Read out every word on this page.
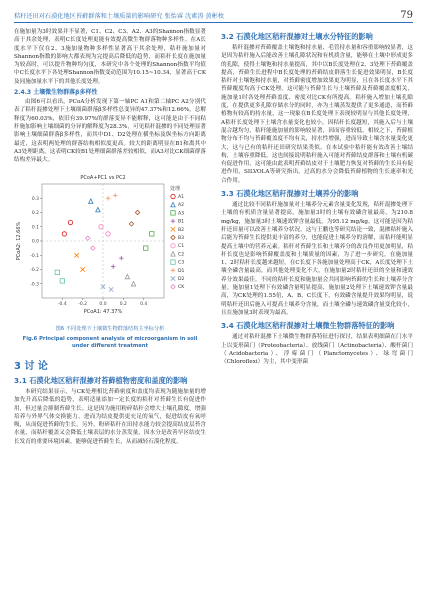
秸秆还田对石漠化地区苔藓群落和土壤质量的影响研究 张怡睿 沈素涛 黄彬枚	79

在施加量为3时效果并不显著，C1、C2、C3、A2、A3的Shannon指数显著高于其余处理，表明C长度处理更能有效提高微生物群落物种多样性。在A长度水平下仅在2、3施加量物种多样性显著高于其余处理，秸秆施加量对Shannon指数的影响大都表现为完提高后降低的趋势，而秸秆长度在施加量为较高时，可以提升物种均匀度，本研究中各个处理的Shannon指数平均值中C长度水平下各处理Shannon指数变动范围为10.15~10.34，显著高于CK及同施加量水平下的其他长度处理。

2.4.3 土壤微生物群落β多样性

由图6可以看出，PCoA分析发现下第一轴PC A1和第二轴PC A2分别代表了秸秆混掺处理下土壤细菌群落β多样性总变异的47.37%和12.66%，总解释度为60.03%，依旧有39.97%的群落变异不能解释，这可能是由于不同秸秆施加影响土壤细菌的分异的解释度为28.3%，可见秸秆混掺的不同处理显著影响土壤细菌群落β多样性，而其中D1、D2处理在横坐标及纵坐标方向距离最近，这表明两处理的群落结构相似度更高。较大的距离明显在B1和离其中A3处理距离，这表明CK较B1处理细菌群落差较相似，而A3对比CK细菌群落结构差异最大。

-0.4	-0.2	0.0	0.2	0.4
-0.3
-0.2
-0.1
0.0
0.1
0.2
0.3
PCoA+PC1 vs PC2
PCoA1: 47.37%
PCoA2: 12.66%
处理
A1
A2
A3
B1
B2
B3
C1
C2
C3
D1
D2
CK
图6 不同处理下土壤微生物群落结构主坐标分析
Fig.6 Principal component analysis of microorganism in soil under different treatment
3 讨 论
3.1 石漠化地区秸秆混掺对苔藓植物密度和盖度的影响

本研究结果显示，与CK处理相比苔藓密度和盖度均表现为随施加量的增加先升高后降低的趋势，表明适量添加一定长度的秸秆对苔藓生长有促进作用，但过量会抑制苔藓生长。这是因为施用粉碎秸秆会增大土壤孔隙度，增强培养与外界气体交换能力，进而为结皮提供更充足的氧气，促进结皮有氧呼吸，从而促进苔藓的生长。另外，粉碎秸秆在田持水能力较会提高结皮层苔含水量，而秸秆覆盖又会降低土壤表层的水分蒸发量，因水分是改善早区结皮生长发育的重要环境因素，能够促进苔藓生长，从而减轻石漠化程度。

3.2 石漠化地区秸秆混掺对土壤水分特征的影响

秸秆混掺对苔藓覆盖土壤饱和持水量、毛管持水量和容重影响较显著，这是因为秸秆施入后能改善土壤孔隙状况和有机质含量，能够在土壤中形成更多的孔隙，使得土壤饱和持水量提高，其中以B长度处理在2、3处理下苔藓覆盖提高，苔藓生长进程中B长度处理的苔藓结皮群落生长促进效果明显，B长度秸秆对土壤饱和持水量，对苔藓密度增加效果更为明显，且在各长度水平下其苔藓覆度均高于CK处理。这可能与苔藓生长与土壤苔藓及苔藓覆盖度相关，施加量1时各处理苔藓盖度、密度对比CK有所提高。秸秆施入增加土壤孔隙度，在提供更多孔隙存储水分的同时，亦为土壤蒸发提供了更多通道，而苔藓植物有较高的持水量，这一现象在B长度处理下表现较明显与其他长度处理，A秸秆长度处理下土壤含水量变化也较小，因秸秆长度越短，其施入后与土壤混合越均匀，秸秆能施加量的影响较显著，因而容重较低。相较之下，苔藓植物分布不均与苔藓覆盖度不均有关，持水性增强，进而导致土壤含水量变化更大，这与已有的秸秆还田研究结果类似。在本试验中秸秆能有效改善土壤结构，土壤容重降低，这也间接说明秸秆施入可能对苔藓结皮群落和土壤有机碳有促进作用，这可能由此表明苔藓结皮对于土壤肥力恢复对苔藓的生长具有促进作用，SILVOLA等研究指出，过高的水分会降低苔藓植物的生长速率和光合作用。

3.3 石漠化地区秸秆混掺对土壤养分的影响

通过比较不同秸秆施加量对土壤养分元素含量变化发现，秸秆混掺处理下土壤的有机质含量显著提高，施加量3时的土壤有效磷含量最高，为210.8 mg/kg，施加量3时土壤速效钾含量最低，为95.12 mg/kg。这可能是因为秸秆还田量可以改善土壤养分状况，这与王鹏也等研究结论一致，混掺秸秆施入后能为苔藓生长提供更丰富的养分，也能促进土壤养分的溶解，而秸秆能明显提高土壤中的营养元素。秸秆对苔藓生长和土壤养分的改良作用更加明显，秸秆长度也是影响苔藓覆盖度和土壤质量的因素，为了进一步研究，在施加量1、2时秸秆长度越来越短，在C长度下各施加量处理高于CK，A长度处理下土壤全磷含量最高，而其他处理变化不大，在施加量2时秸秆还田的全量和速效养分效果最佳。不同的秸秆长度和施加量会共同影响苔藓的生长和土壤养分含量。施加量1处理下有效磷含量明显提高，施加量2处理下土壤速效钾含量最高，为CK处理的1.55倍，A、B、C长度下，有效磷含量提升效果均明显，说明秸秆还田后施入可提高土壤养分含量，而土壤全磷与速效磷含量变化较小，且在施加量3时表现为最高。

3.4 石漠化地区秸秆混掺对土壤微生物群落特征的影响

通过对秸秆混掺下土壤微生物群落特征进行探讨，结果表明细菌在门水平上以变形菌门（Proteobacteria）、放线菌门（Actinobacteria）、酸杆菌门（Acidobacteria）、浮霉菌门（Planctomycetes）、绿弯菌门（Chloroflexi）为主，其中变形菌
